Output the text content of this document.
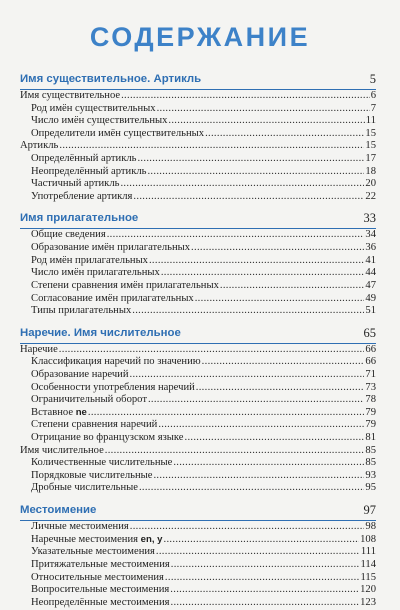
СОДЕРЖАНИЕ
Имя существительное. Артикль	5
Имя существительное .....	6
Род имён существительных .....	7
Число имён существительных .....	11
Определители имён существительных .....	15
Артикль .....	15
Определённый артикль .....	17
Неопределённый артикль .....	18
Частичный артикль .....	20
Употребление артикля .....	22
Имя прилагательное	33
Общие сведения .....	34
Образование имён прилагательных .....	36
Род имён прилагательных .....	41
Число имён прилагательных .....	44
Степени сравнения имён прилагательных .....	47
Согласование имён прилагательных .....	49
Типы прилагательных .....	51
Наречие. Имя числительное	65
Наречие .....	66
Классификация наречий по значению .....	66
Образование наречий .....	71
Особенности употребления наречий .....	73
Ограничительный оборот .....	78
Вставное ne .....	79
Степени сравнения наречий .....	79
Отрицание во французском языке .....	81
Имя числительное .....	85
Количественные числительные .....	85
Порядковые числительные .....	93
Дробные числительные .....	95
Местоимение	97
Личные местоимения .....	98
Наречные местоимения en, y .....	108
Указательные местоимения .....	111
Притяжательные местоимения .....	114
Относительные местоимения .....	115
Вопросительные местоимения .....	120
Неопределённые местоимения .....	123
